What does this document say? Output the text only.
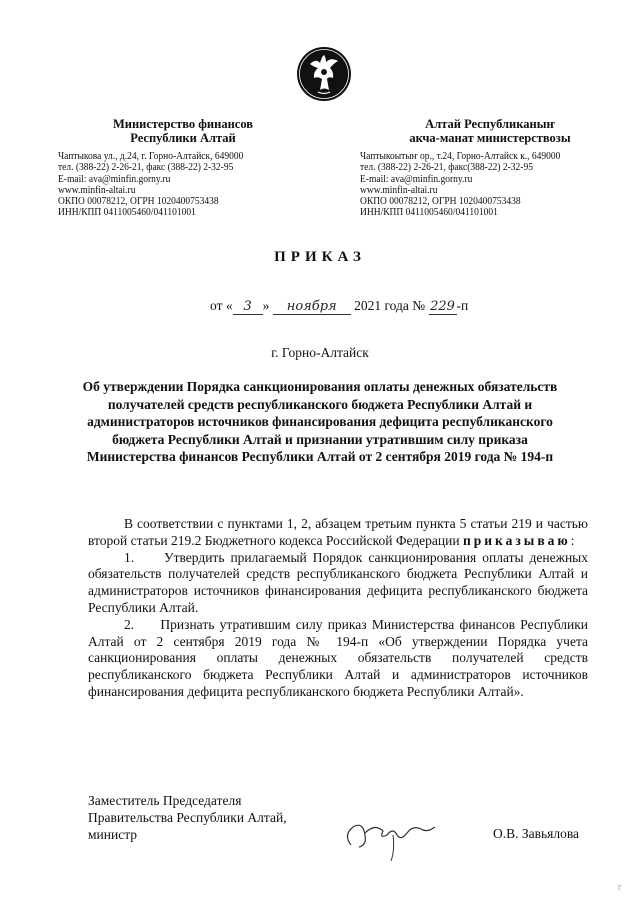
Министерство финансов
Республики Алтай
Чаптыкова ул., д.24, г. Горно-Алтайск, 649000
тел. (388-22) 2-26-21, факс (388-22) 2-32-95
E-mail: ava@minfin.gorny.ru
www.minfin-altai.ru
ОКПО 00078212, ОГРН 1020400753438
ИНН/КПП 0411005460/041101001
Алтай Республиканыҥ
акча-манат министерствозы
Чаптыкоытыҥ ор., т.24, Горно-Алтайск к., 649000
тел. (388-22) 2-26-21, факс(388-22) 2-32-95
E-mail: ava@minfin.gorny.ru
www.minfin-altai.ru
ОКПО 00078212, ОГРН 1020400753438
ИНН/КПП 0411005460/041101001
ПРИКАЗ
от « 3 » ноября 2021 года № 229 -п
г. Горно-Алтайск
Об утверждении Порядка санкционирования оплаты денежных обязательств получателей средств республиканского бюджета Республики Алтай и администраторов источников финансирования дефицита республиканского бюджета Республики Алтай и признании утратившим силу приказа Министерства финансов Республики Алтай от 2 сентября 2019 года № 194-п

В соответствии с пунктами 1, 2, абзацем третьим пункта 5 статьи 219 и частью второй статьи 219.2 Бюджетного кодекса Российской Федерации приказываю:

1.     Утвердить прилагаемый Порядок санкционирования оплаты денежных обязательств получателей средств республиканского бюджета Республики Алтай и администраторов источников финансирования дефицита республиканского бюджета Республики Алтай.

2.     Признать утратившим силу приказ Министерства финансов Республики Алтай от 2 сентября 2019 года № 194-п «Об утверждении Порядка учета санкционирования оплаты денежных обязательств получателей средств республиканского бюджета Республики Алтай и администраторов источников финансирования дефицита республиканского бюджета Республики Алтай».

Заместитель Председателя
Правительства Республики Алтай,
министр	О.В. Завьялова
Г
